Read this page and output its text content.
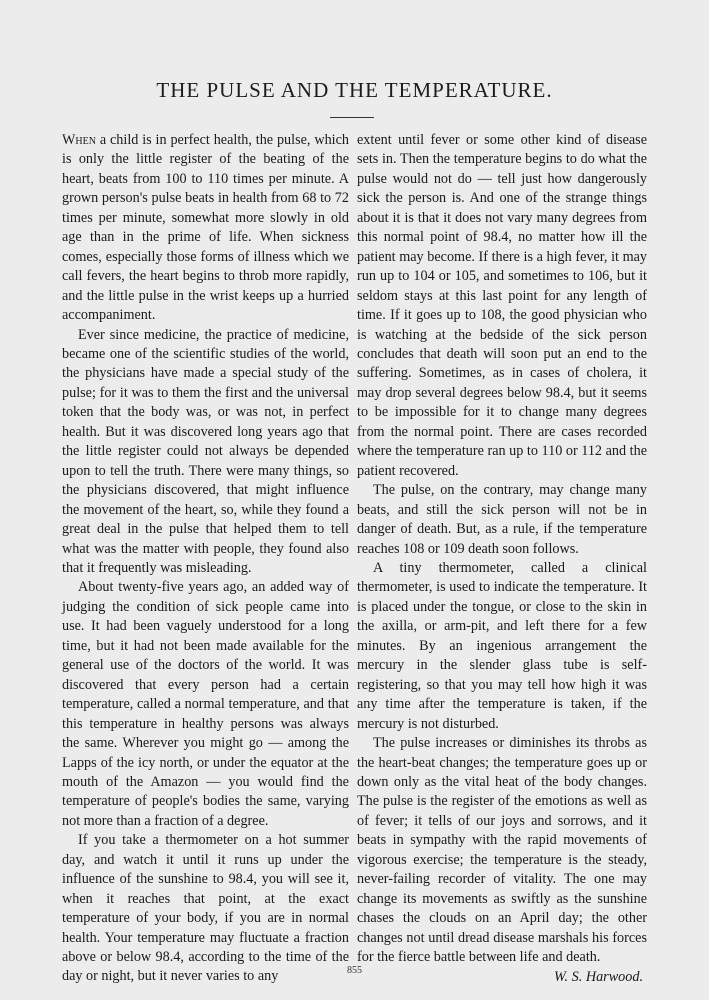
THE PULSE AND THE TEMPERATURE.

When a child is in perfect health, the pulse, which is only the little register of the beating of the heart, beats from 100 to 110 times per minute. A grown person's pulse beats in health from 68 to 72 times per minute, somewhat more slowly in old age than in the prime of life. When sickness comes, especially those forms of illness which we call fevers, the heart begins to throb more rapidly, and the little pulse in the wrist keeps up a hurried accompaniment.

Ever since medicine, the practice of medicine, became one of the scientific studies of the world, the physicians have made a special study of the pulse; for it was to them the first and the universal token that the body was, or was not, in perfect health. But it was discovered long years ago that the little register could not always be depended upon to tell the truth. There were many things, so the physicians discovered, that might influence the movement of the heart, so, while they found a great deal in the pulse that helped them to tell what was the matter with people, they found also that it frequently was misleading.

About twenty-five years ago, an added way of judging the condition of sick people came into use. It had been vaguely understood for a long time, but it had not been made available for the general use of the doctors of the world. It was discovered that every person had a certain temperature, called a normal temperature, and that this temperature in healthy persons was always the same. Wherever you might go — among the Lapps of the icy north, or under the equator at the mouth of the Amazon — you would find the temperature of people's bodies the same, varying not more than a fraction of a degree.

If you take a thermometer on a hot summer day, and watch it until it runs up under the influence of the sunshine to 98.4, you will see it, when it reaches that point, at the exact temperature of your body, if you are in normal health. Your temperature may fluctuate a fraction above or below 98.4, according to the time of the day or night, but it never varies to any

extent until fever or some other kind of disease sets in. Then the temperature begins to do what the pulse would not do — tell just how dangerously sick the person is. And one of the strange things about it is that it does not vary many degrees from this normal point of 98.4, no matter how ill the patient may become. If there is a high fever, it may run up to 104 or 105, and sometimes to 106, but it seldom stays at this last point for any length of time. If it goes up to 108, the good physician who is watching at the bedside of the sick person concludes that death will soon put an end to the suffering. Sometimes, as in cases of cholera, it may drop several degrees below 98.4, but it seems to be impossible for it to change many degrees from the normal point. There are cases recorded where the temperature ran up to 110 or 112 and the patient recovered.

The pulse, on the contrary, may change many beats, and still the sick person will not be in danger of death. But, as a rule, if the temperature reaches 108 or 109 death soon follows.

A tiny thermometer, called a clinical thermometer, is used to indicate the temperature. It is placed under the tongue, or close to the skin in the axilla, or arm-pit, and left there for a few minutes. By an ingenious arrangement the mercury in the slender glass tube is self-registering, so that you may tell how high it was any time after the temperature is taken, if the mercury is not disturbed.

The pulse increases or diminishes its throbs as the heart-beat changes; the temperature goes up or down only as the vital heat of the body changes. The pulse is the register of the emotions as well as of fever; it tells of our joys and sorrows, and it beats in sympathy with the rapid movements of vigorous exercise; the temperature is the steady, never-failing recorder of vitality. The one may change its movements as swiftly as the sunshine chases the clouds on an April day; the other changes not until dread disease marshals his forces for the fierce battle between life and death.

W. S. Harwood.

855
